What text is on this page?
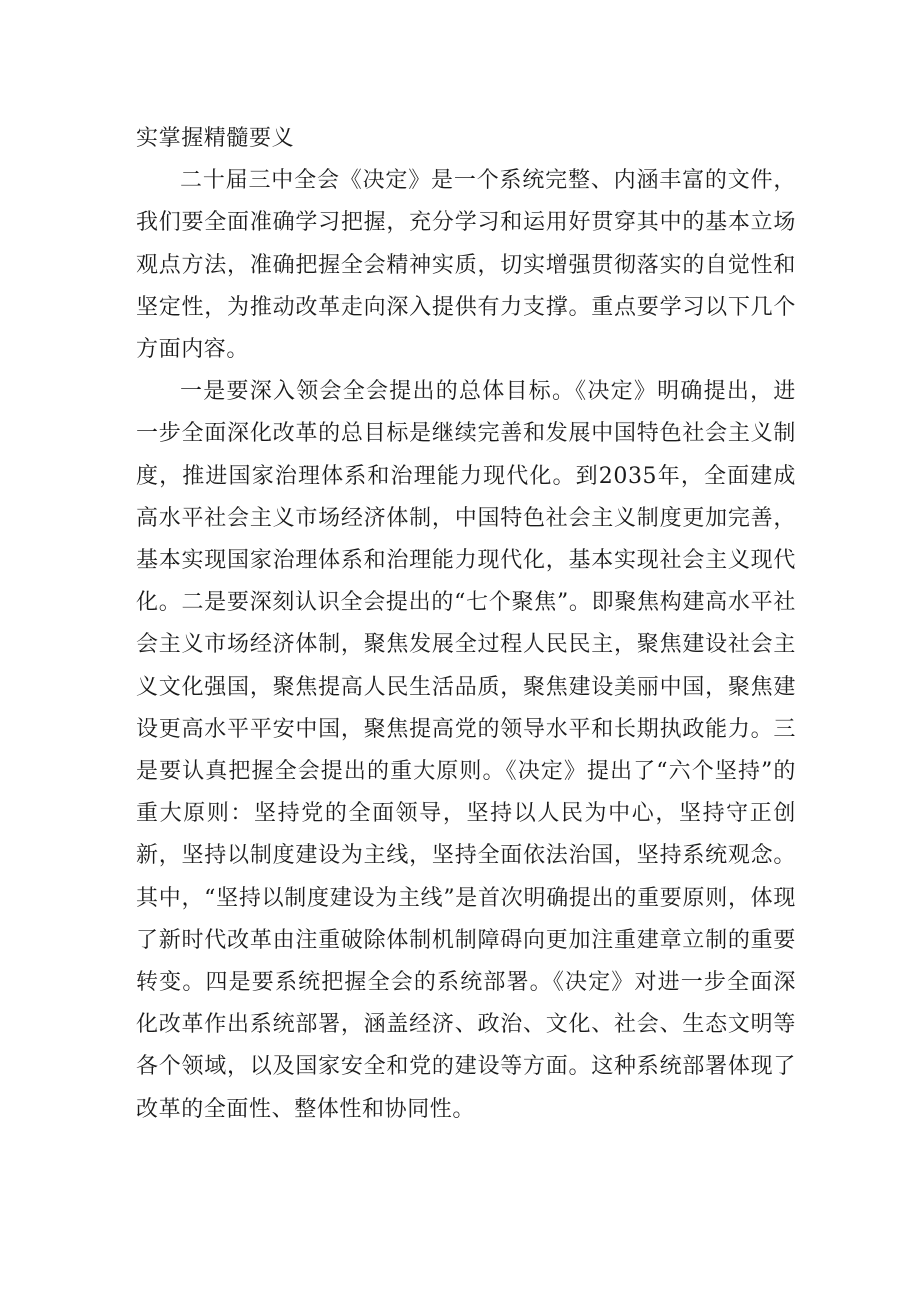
实掌握精髓要义

二十届三中全会《决定》是一个系统完整、内涵丰富的文件，我们要全面准确学习把握，充分学习和运用好贯穿其中的基本立场观点方法，准确把握全会精神实质，切实增强贯彻落实的自觉性和坚定性，为推动改革走向深入提供有力支撑。重点要学习以下几个方面内容。

一是要深入领会全会提出的总体目标。《决定》明确提出，进一步全面深化改革的总目标是继续完善和发展中国特色社会主义制度，推进国家治理体系和治理能力现代化。到2035年，全面建成高水平社会主义市场经济体制，中国特色社会主义制度更加完善，基本实现国家治理体系和治理能力现代化，基本实现社会主义现代化。二是要深刻认识全会提出的“七个聚焦”。即聚焦构建高水平社会主义市场经济体制，聚焦发展全过程人民民主，聚焦建设社会主义文化强国，聚焦提高人民生活品质，聚焦建设美丽中国，聚焦建设更高水平平安中国，聚焦提高党的领导水平和长期执政能力。三是要认真把握全会提出的重大原则。《决定》提出了“六个坚持”的重大原则：坚持党的全面领导，坚持以人民为中心，坚持守正创新，坚持以制度建设为主线，坚持全面依法治国，坚持系统观念。其中，“坚持以制度建设为主线”是首次明确提出的重要原则，体现了新时代改革由注重破除体制机制障碍向更加注重建章立制的重要转变。四是要系统把握全会的系统部署。《决定》对进一步全面深化改革作出系统部署，涵盖经济、政治、文化、社会、生态文明等各个领域，以及国家安全和党的建设等方面。这种系统部署体现了改革的全面性、整体性和协同性。
